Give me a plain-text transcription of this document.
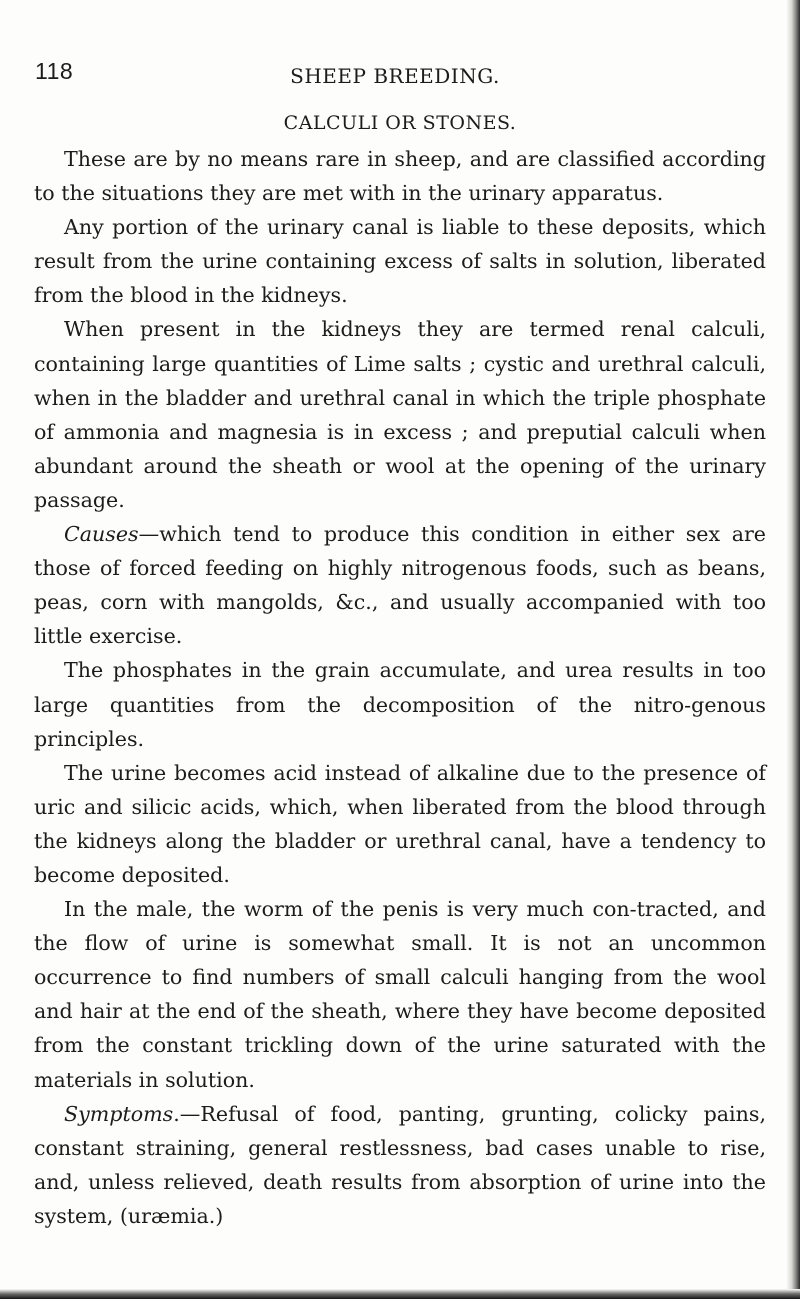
118	SHEEP BREEDING.
CALCULI OR STONES.

These are by no means rare in sheep, and are classified according to the situations they are met with in the urinary apparatus.

Any portion of the urinary canal is liable to these deposits, which result from the urine containing excess of salts in solution, liberated from the blood in the kidneys.

When present in the kidneys they are termed renal calculi, containing large quantities of Lime salts ; cystic and urethral calculi, when in the bladder and urethral canal in which the triple phosphate of ammonia and magnesia is in excess ; and preputial calculi when abundant around the sheath or wool at the opening of the urinary passage.

Causes—which tend to produce this condition in either sex are those of forced feeding on highly nitrogenous foods, such as beans, peas, corn with mangolds, &c., and usually accompanied with too little exercise.

The phosphates in the grain accumulate, and urea results in too large quantities from the decomposition of the nitro-genous principles.

The urine becomes acid instead of alkaline due to the presence of uric and silicic acids, which, when liberated from the blood through the kidneys along the bladder or urethral canal, have a tendency to become deposited.

In the male, the worm of the penis is very much con-tracted, and the flow of urine is somewhat small. It is not an uncommon occurrence to find numbers of small calculi hanging from the wool and hair at the end of the sheath, where they have become deposited from the constant trickling down of the urine saturated with the materials in solution.

Symptoms.—Refusal of food, panting, grunting, colicky pains, constant straining, general restlessness, bad cases unable to rise, and, unless relieved, death results from absorption of urine into the system, (uræmia.)
